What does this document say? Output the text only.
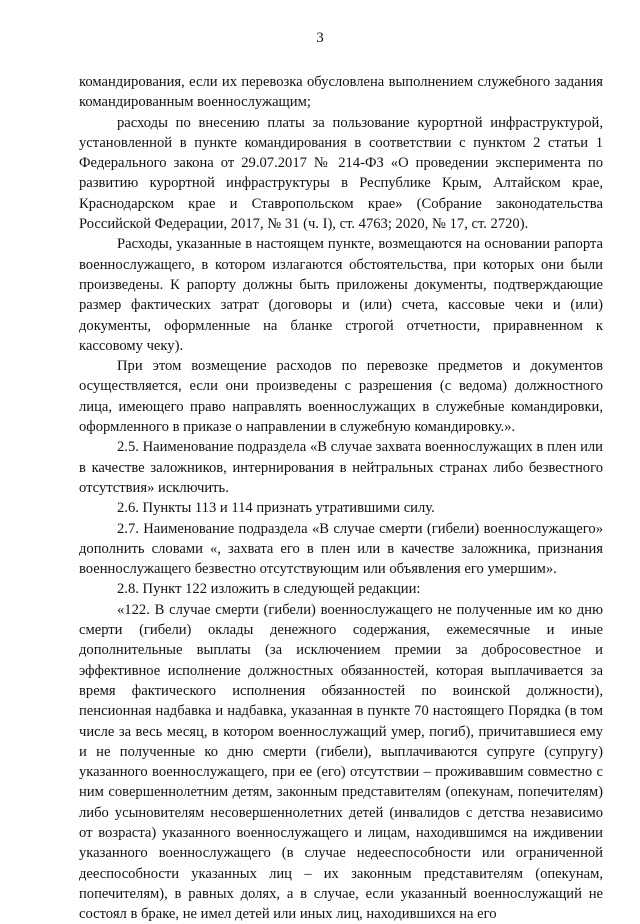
3

командирования, если их перевозка обусловлена выполнением служебного задания командированным военнослужащим;

расходы по внесению платы за пользование курортной инфраструктурой, установленной в пункте командирования в соответствии с пунктом 2 статьи 1 Федерального закона от 29.07.2017 № 214-ФЗ «О проведении эксперимента по развитию курортной инфраструктуры в Республике Крым, Алтайском крае, Краснодарском крае и Ставропольском крае» (Собрание законодательства Российской Федерации, 2017, № 31 (ч. I), ст. 4763; 2020, № 17, ст. 2720).

Расходы, указанные в настоящем пункте, возмещаются на основании рапорта военнослужащего, в котором излагаются обстоятельства, при которых они были произведены. К рапорту должны быть приложены документы, подтверждающие размер фактических затрат (договоры и (или) счета, кассовые чеки и (или) документы, оформленные на бланке строгой отчетности, приравненном к кассовому чеку).

При этом возмещение расходов по перевозке предметов и документов осуществляется, если они произведены с разрешения (с ведома) должностного лица, имеющего право направлять военнослужащих в служебные командировки, оформленного в приказе о направлении в служебную командировку.».

2.5. Наименование подраздела «В случае захвата военнослужащих в плен или в качестве заложников, интернирования в нейтральных странах либо безвестного отсутствия» исключить.

2.6. Пункты 113 и 114 признать утратившими силу.

2.7. Наименование подраздела «В случае смерти (гибели) военнослужащего» дополнить словами «, захвата его в плен или в качестве заложника, признания военнослужащего безвестно отсутствующим или объявления его умершим».

2.8. Пункт 122 изложить в следующей редакции:

«122. В случае смерти (гибели) военнослужащего не полученные им ко дню смерти (гибели) оклады денежного содержания, ежемесячные и иные дополнительные выплаты (за исключением премии за добросовестное и эффективное исполнение должностных обязанностей, которая выплачивается за время фактического исполнения обязанностей по воинской должности), пенсионная надбавка и надбавка, указанная в пункте 70 настоящего Порядка (в том числе за весь месяц, в котором военнослужащий умер, погиб), причитавшиеся ему и не полученные ко дню смерти (гибели), выплачиваются супруге (супругу) указанного военнослужащего, при ее (его) отсутствии – проживавшим совместно с ним совершеннолетним детям, законным представителям (опекунам, попечителям) либо усыновителям несовершеннолетних детей (инвалидов с детства независимо от возраста) указанного военнослужащего и лицам, находившимся на иждивении указанного военнослужащего (в случае недееспособности или ограниченной дееспособности указанных лиц – их законным представителям (опекунам, попечителям), в равных долях, а в случае, если указанный военнослужащий не состоял в браке, не имел детей или иных лиц, находившихся на его
